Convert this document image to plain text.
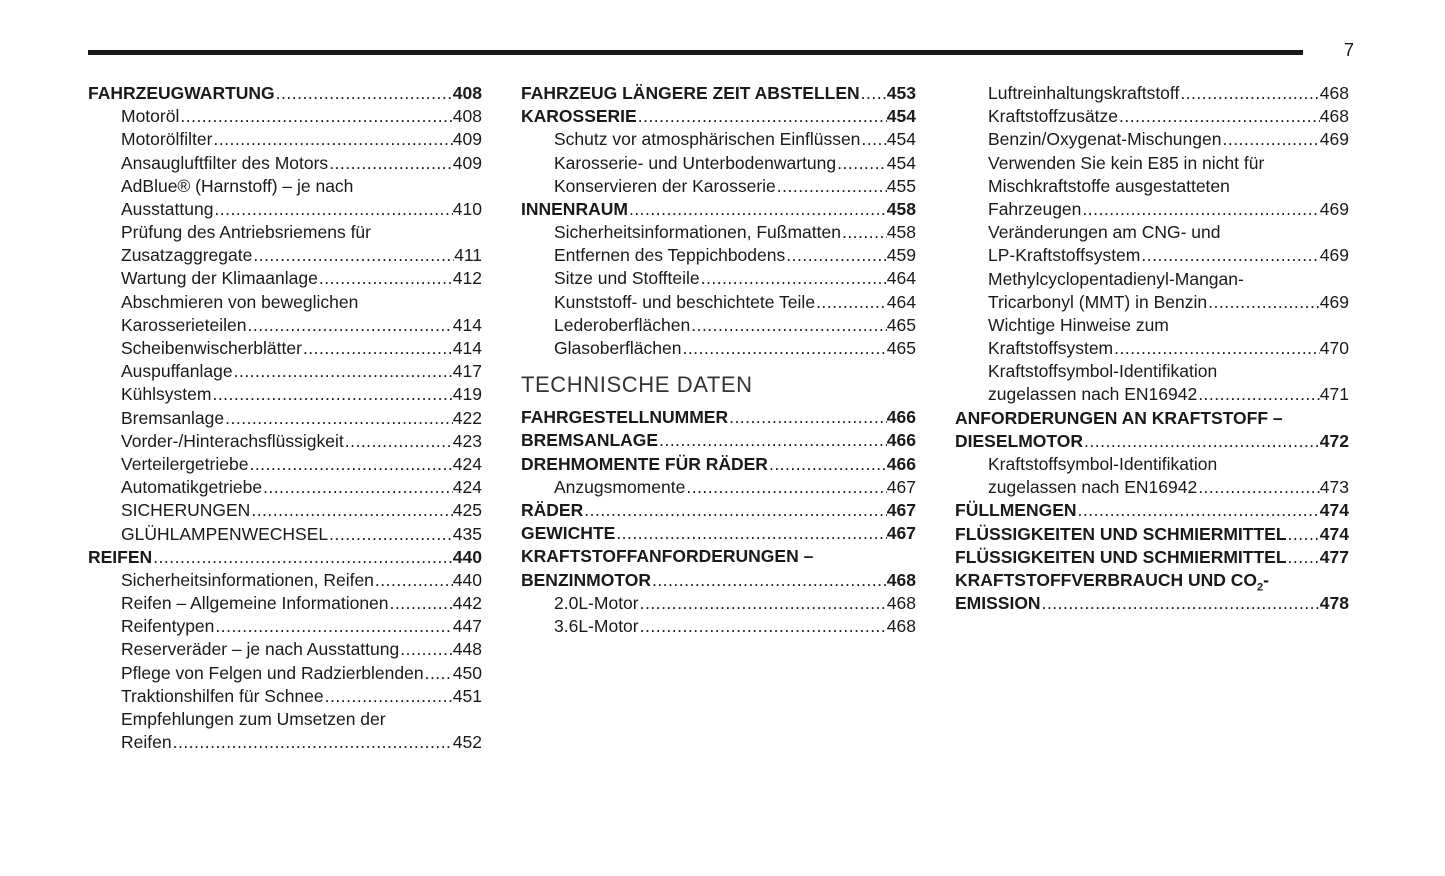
7
FAHRZEUGWARTUNG .....	408
Motoröl .....	408
Motorölfilter .....	409
Ansaugluftfilter des Motors .....	409
AdBlue® (Harnstoff) – je nach
Ausstattung .....	410
Prüfung des Antriebsriemens für
Zusatzaggregate .....	411
Wartung der Klimaanlage .....	412
Abschmieren von beweglichen
Karosserieteilen .....	414
Scheibenwischerblätter .....	414
Auspuffanlage .....	417
Kühlsystem .....	419
Bremsanlage .....	422
Vorder-/Hinterachsflüssigkeit .....	423
Verteilergetriebe .....	424
Automatikgetriebe .....	424
SICHERUNGEN .....	425
GLÜHLAMPENWECHSEL .....	435
REIFEN .....	440
Sicherheitsinformationen, Reifen .....	440
Reifen – Allgemeine Informationen .....	442
Reifentypen .....	447
Reserveräder – je nach Ausstattung .....	448
Pflege von Felgen und Radzierblenden ..... 450
Traktionshilfen für Schnee .....	451
Empfehlungen zum Umsetzen der
Reifen .....	452
FAHRZEUG LÄNGERE ZEIT ABSTELLEN ..... 453
KAROSSERIE .....	454
Schutz vor atmosphärischen Einflüssen ..... 454
Karosserie- und Unterbodenwartung .....	454
Konservieren der Karosserie .....	455
INNENRAUM .....	458
Sicherheitsinformationen, Fußmatten .....	458
Entfernen des Teppichbodens .....	459
Sitze und Stoffteile .....	464
Kunststoff- und beschichtete Teile .....	464
Lederoberflächen .....	465
Glasoberflächen .....	465
TECHNISCHE DATEN
FAHRGESTELLNUMMER .....	466
BREMSANLAGE .....	466
DREHMOMENTE FÜR RÄDER .....	466
Anzugsmomente .....	467
RÄDER .....	467
GEWICHTE .....	467
KRAFTSTOFFANFORDERUNGEN –
BENZINMOTOR .....	468
2.0L-Motor .....	468
3.6L-Motor .....	468
Luftreinhaltungskraftstoff .....	468
Kraftstoffzusätze .....	468
Benzin/Oxygenat-Mischungen .....	469
Verwenden Sie kein E85 in nicht für
Mischkraftstoffe ausgestatteten
Fahrzeugen .....	469
Veränderungen am CNG- und
LP-Kraftstoffsystem .....	469
Methylcyclopentadienyl-Mangan-
Tricarbonyl (MMT) in Benzin .....	469
Wichtige Hinweise zum
Kraftstoffsystem .....	470
Kraftstoffsymbol-Identifikation
zugelassen nach EN16942 .....	471
ANFORDERUNGEN AN KRAFTSTOFF –
DIESELMOTOR .....	472
Kraftstoffsymbol-Identifikation
zugelassen nach EN16942 .....	473
FÜLLMENGEN .....	474
FLÜSSIGKEITEN UND SCHMIERMITTEL ..... 474
FLÜSSIGKEITEN UND SCHMIERMITTEL ..... 477
KRAFTSTOFFVERBRAUCH UND $CO_2-$
EMISSION .....	478
